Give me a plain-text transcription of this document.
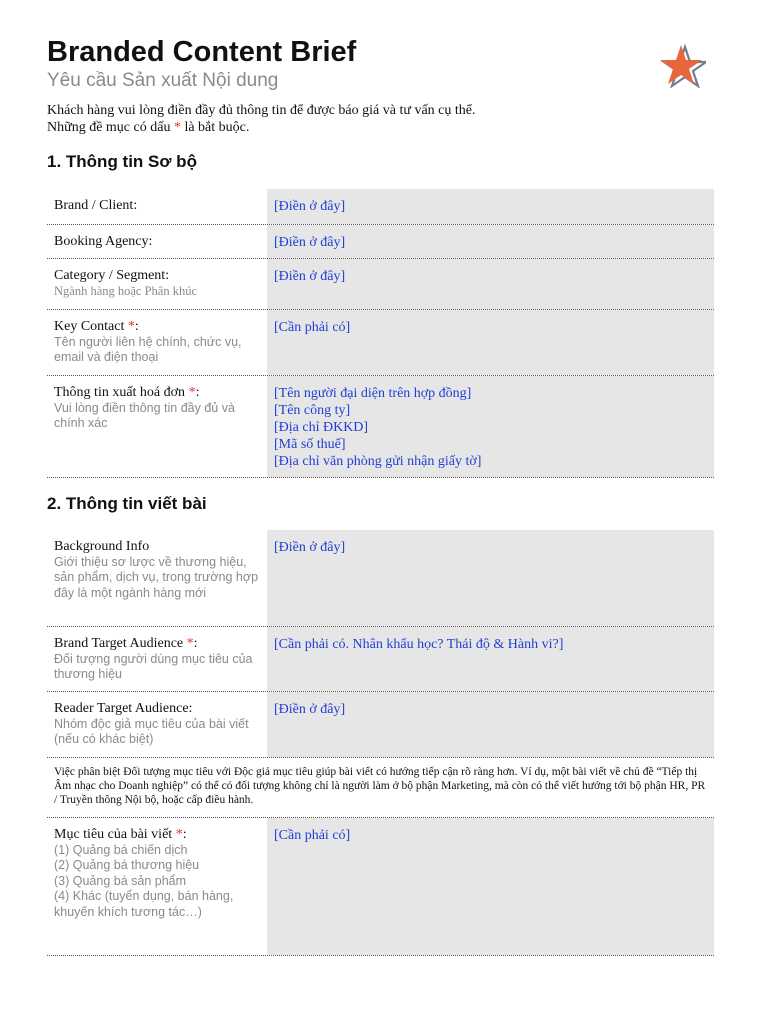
Branded Content Brief
Yêu cầu Sản xuất Nội dung
Khách hàng vui lòng điền đầy đủ thông tin để được báo giá và tư vấn cụ thể.
Những đề mục có dấu * là bắt buộc.
1. Thông tin Sơ bộ
Brand / Client:	[Điền ở đây]
Booking Agency:	[Điền ở đây]
Category / Segment:
Ngành hàng hoặc Phân khúc
[Điền ở đây]
Key Contact *:
Tên người liên hệ chính, chức vụ, email và điện thoại
[Cần phải có]
Thông tin xuất hoá đơn *:
Vui lòng điền thông tin đầy đủ và chính xác
[Tên người đại diện trên hợp đồng]
[Tên công ty]
[Địa chỉ ĐKKD]
[Mã số thuế]
[Địa chỉ văn phòng gửi nhận giấy tờ]
2. Thông tin viết bài
Background Info
Giới thiệu sơ lược về thương hiệu, sản phẩm, dịch vụ, trong trường hợp đây là một ngành hàng mới
[Điền ở đây]
Brand Target Audience *:
Đối tượng người dùng mục tiêu của thương hiệu
[Cần phải có. Nhân khẩu học? Thái độ & Hành vi?]
Reader Target Audience:
Nhóm độc giả mục tiêu của bài viết (nếu có khác biệt)
[Điền ở đây]
Việc phân biệt Đối tượng mục tiêu với Độc giả mục tiêu giúp bài viết có hướng tiếp cận rõ ràng hơn. Ví dụ, một bài viết về chủ đề “Tiếp thị Âm nhạc cho Doanh nghiệp” có thể có đối tượng không chỉ là người làm ở bộ phận Marketing, mà còn có thể viết hướng tới bộ phận HR, PR / Truyền thông Nội bộ, hoặc cấp điều hành.
Mục tiêu của bài viết *:
(1) Quảng bá chiến dịch
(2) Quảng bá thương hiệu
(3) Quảng bá sản phẩm
(4) Khác (tuyển dụng, bán hàng, khuyến khích tương tác…)
[Cần phải có]
